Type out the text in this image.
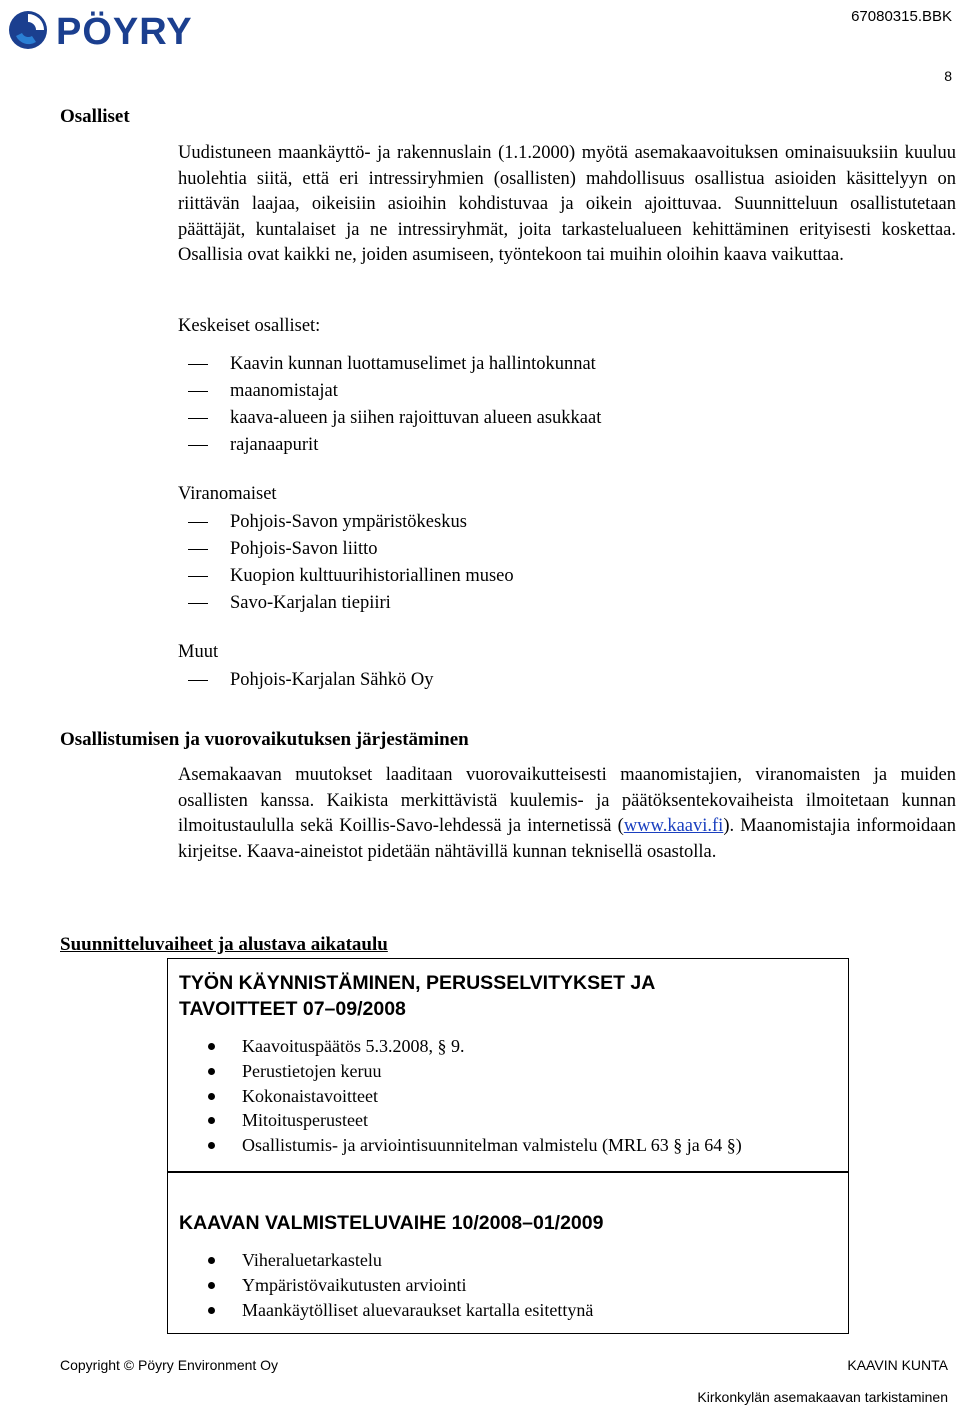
PÖYRY	67080315.BBK
8
Osalliset

Uudistuneen maankäyttö- ja rakennuslain (1.1.2000) myötä asemakaavoituksen ominaisuuksiin kuuluu huolehtia siitä, että eri intressiryhmien (osallisten) mahdollisuus osallistua asioiden käsittelyyn on riittävän laajaa, oikeisiin asioihin kohdistuvaa ja oikein ajoittuvaa. Suunnitteluun osallistutetaan päättäjät, kuntalaiset ja ne intressiryhmät, joita tarkastelualueen kehittäminen erityisesti koskettaa. Osallisia ovat kaikki ne, joiden asumiseen, työntekoon tai muihin oloihin kaava vaikuttaa.

Keskeiset osalliset:
Kaavin kunnan luottamuselimet ja hallintokunnat
maanomistajat
kaava-alueen ja siihen rajoittuvan alueen asukkaat
rajanaapurit
Viranomaiset
Pohjois-Savon ympäristökeskus
Pohjois-Savon liitto
Kuopion kulttuurihistoriallinen museo
Savo-Karjalan tiepiiri
Muut
Pohjois-Karjalan Sähkö Oy
Osallistumisen ja vuorovaikutuksen järjestäminen

Asemakaavan muutokset laaditaan vuorovaikutteisesti maanomistajien, viranomaisten ja muiden osallisten kanssa. Kaikista merkittävistä kuulemis- ja päätöksentekovaiheista ilmoitetaan kunnan ilmoitustaululla sekä Koillis-Savo-lehdessä ja internetissä (www.kaavi.fi). Maanomistajia informoidaan kirjeitse. Kaava-aineistot pidetään nähtävillä kunnan teknisellä osastolla.

Suunnitteluvaiheet ja alustava aikataulu

TYÖN KÄYNNISTÄMINEN, PERUSSELVITYKSET JA

TAVOITTEET 07–09/2008

Kaavoituspäätös 5.3.2008, § 9.
Perustietojen keruu
Kokonaistavoitteet
Mitoitusperusteet
Osallistumis- ja arviointisuunnitelman valmistelu (MRL 63 § ja 64 §)

KAAVAN VALMISTELUVAIHE 10/2008–01/2009

Viheraluetarkastelu
Ympäristövaikutusten arviointi
Maankäytölliset aluevaraukset kartalla esitettynä
Copyright © Pöyry Environment Oy	KAAVIN KUNTA
Kirkonkylän asemakaavan tarkistaminen
